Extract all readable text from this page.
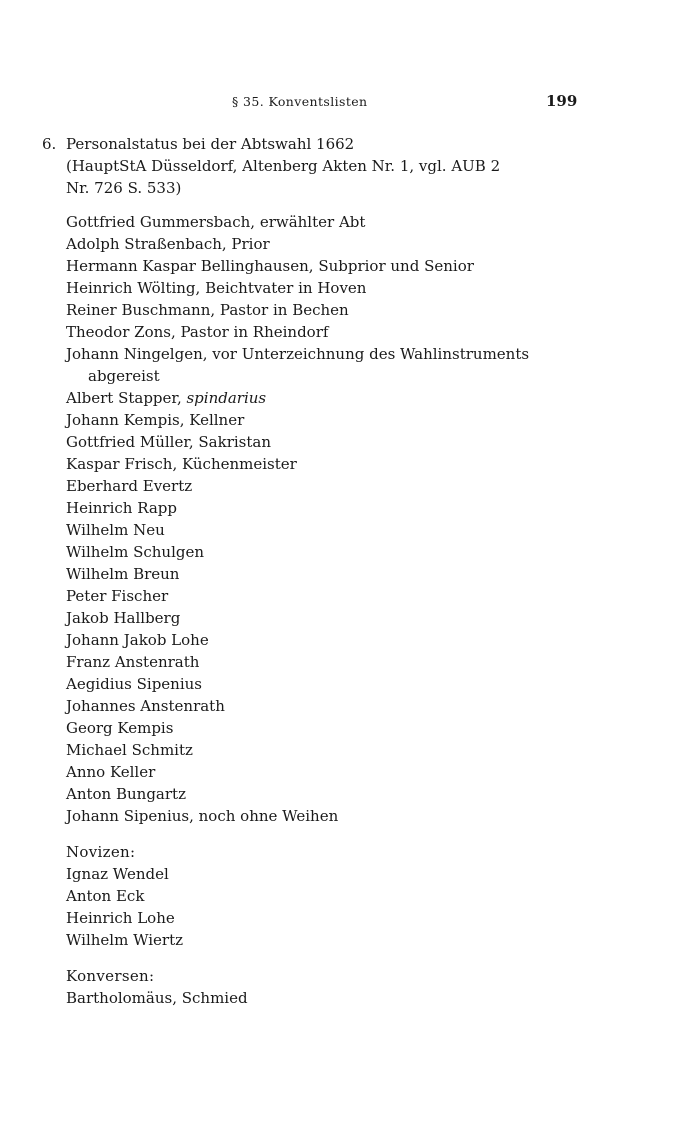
§ 35. Konventslisten	199
6. Personalstatus bei der Abtswahl 1662
(HauptStA Düsseldorf, Altenberg Akten Nr. 1, vgl. AUB 2
Nr. 726 S. 533)
Gottfried Gummersbach, erwählter Abt
Adolph Straßenbach, Prior
Hermann Kaspar Bellinghausen, Subprior und Senior
Heinrich Wölting, Beichtvater in Hoven
Reiner Buschmann, Pastor in Bechen
Theodor Zons, Pastor in Rheindorf
Johann Ningelgen, vor Unterzeichnung des Wahlinstruments abgereist
Albert Stapper, spindarius
Johann Kempis, Kellner
Gottfried Müller, Sakristan
Kaspar Frisch, Küchenmeister
Eberhard Evertz
Heinrich Rapp
Wilhelm Neu
Wilhelm Schulgen
Wilhelm Breun
Peter Fischer
Jakob Hallberg
Johann Jakob Lohe
Franz Anstenrath
Aegidius Sipenius
Johannes Anstenrath
Georg Kempis
Michael Schmitz
Anno Keller
Anton Bungartz
Johann Sipenius, noch ohne Weihen
Novizen:
Ignaz Wendel
Anton Eck
Heinrich Lohe
Wilhelm Wiertz
Konversen:
Bartholomäus, Schmied
